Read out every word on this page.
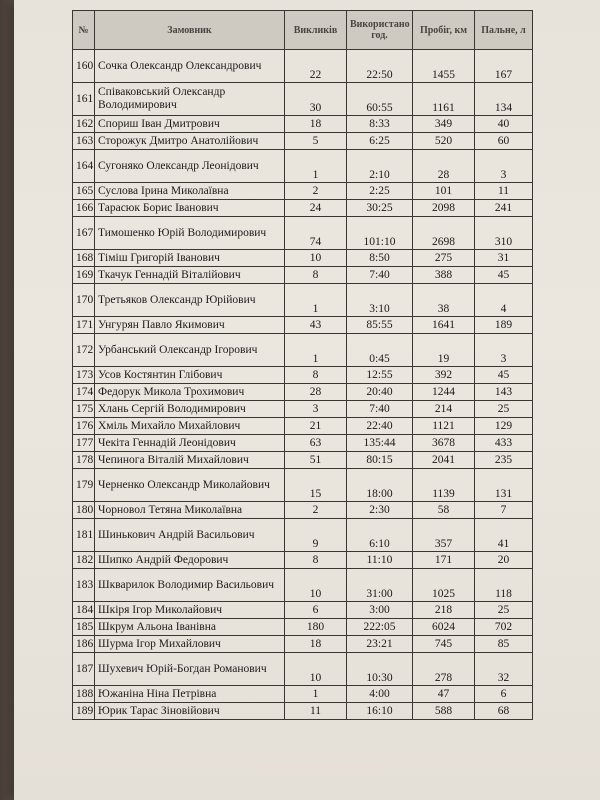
№	Замовник	Викликів	Використано год.	Пробіг, км	Пальне, л
160	Сочка Олександр Олександрович	22	22:50	1455	167
161	Співаковський Олександр Володимирович	30	60:55	1161	134
162	Спориш Іван Дмитрович	18	8:33	349	40
163	Сторожук Дмитро Анатолійович	5	6:25	520	60
164	Сугоняко Олександр Леонідович	1	2:10	28	3
165	Суслова Ірина Миколаївна	2	2:25	101	11
166	Тарасюк Борис Іванович	24	30:25	2098	241
167	Тимошенко Юрій Володимирович	74	101:10	2698	310
168	Тіміш Григорій Іванович	10	8:50	275	31
169	Ткачук Геннадій Віталійович	8	7:40	388	45
170	Третьяков Олександр Юрійович	1	3:10	38	4
171	Унгурян Павло Якимович	43	85:55	1641	189
172	Урбанський Олександр Ігорович	1	0:45	19	3
173	Усов Костянтин Глібович	8	12:55	392	45
174	Федорук Микола Трохимович	28	20:40	1244	143
175	Хлань Сергій Володимирович	3	7:40	214	25
176	Хміль Михайло Михайлович	21	22:40	1121	129
177	Чекіта Геннадій Леонідович	63	135:44	3678	433
178	Чепинога Віталій Михайлович	51	80:15	2041	235
179	Черненко Олександр Миколайович	15	18:00	1139	131
180	Чорновол Тетяна Миколаївна	2	2:30	58	7
181	Шинькович Андрій Васильович	9	6:10	357	41
182	Шипко Андрій Федорович	8	11:10	171	20
183	Шкварилок Володимир Васильович	10	31:00	1025	118
184	Шкіря Ігор Миколайович	6	3:00	218	25
185	Шкрум Альона Іванівна	180	222:05	6024	702
186	Шурма Ігор Михайлович	18	23:21	745	85
187	Шухевич Юрій-Богдан Романович	10	10:30	278	32
188	Южаніна Ніна Петрівна	1	4:00	47	6
189	Юрик Тарас Зіновійович	11	16:10	588	68
